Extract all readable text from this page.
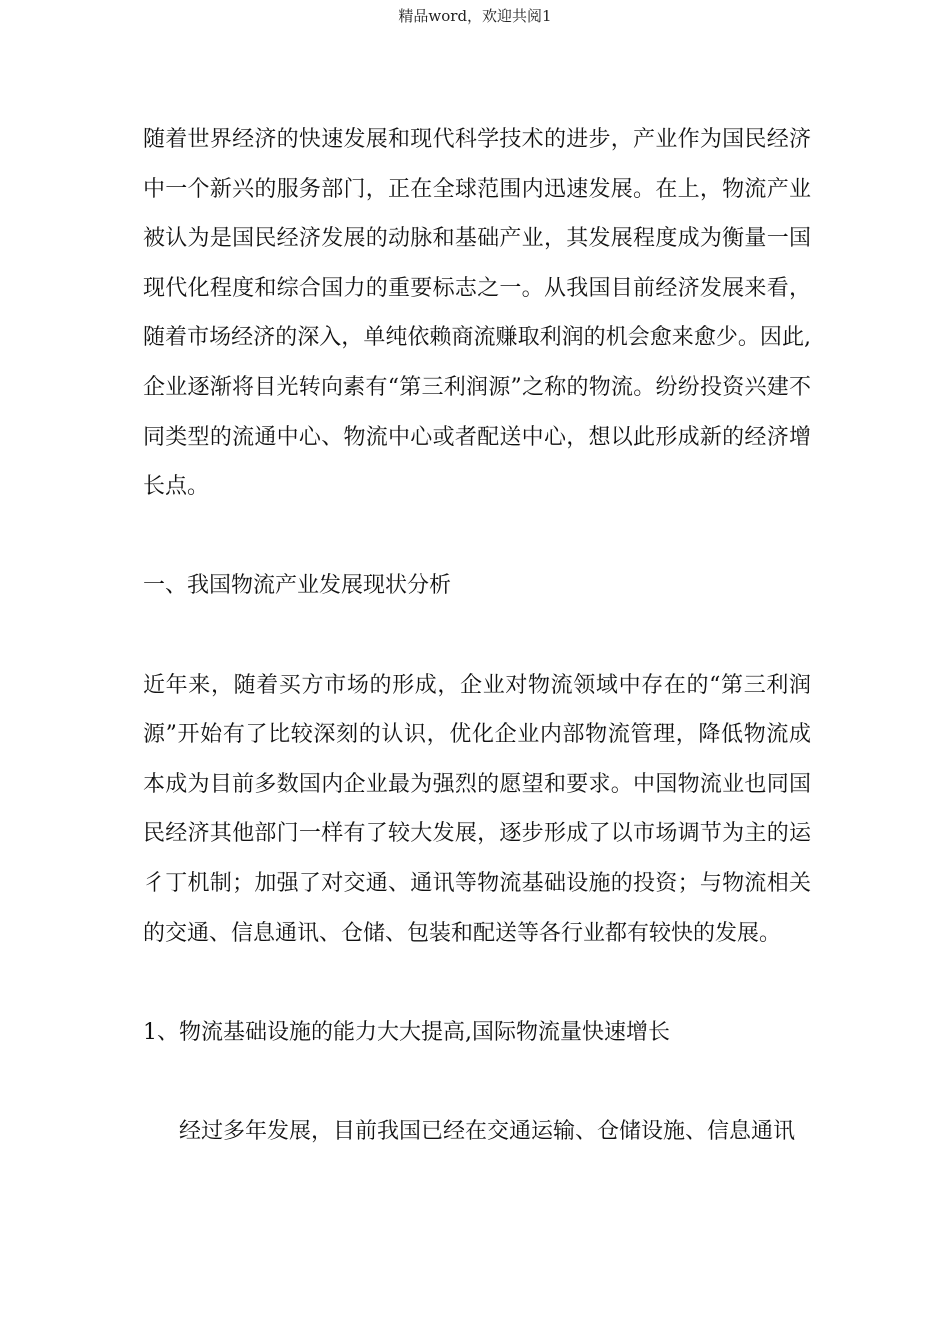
精品word，欢迎共阅1

随着世界经济的快速发展和现代科学技术的进步，产业作为国民经济中一个新兴的服务部门，正在全球范围内迅速发展。在上，物流产业被认为是国民经济发展的动脉和基础产业，其发展程度成为衡量一国现代化程度和综合国力的重要标志之一。从我国目前经济发展来看，随着市场经济的深入，单纯依赖商流赚取利润的机会愈来愈少。因此,企业逐渐将目光转向素有“第三利润源”之称的物流。纷纷投资兴建不同类型的流通中心、物流中心或者配送中心，想以此形成新的经济增长点。

一、我国物流产业发展现状分析

近年来，随着买方市场的形成，企业对物流领域中存在的“第三利润源”开始有了比较深刻的认识，优化企业内部物流管理，降低物流成本成为目前多数国内企业最为强烈的愿望和要求。中国物流业也同国民经济其他部门一样有了较大发展，逐步形成了以市场调节为主的运彳丁机制；加强了对交通、通讯等物流基础设施的投资；与物流相关的交通、信息通讯、仓储、包装和配送等各行业都有较快的发展。

1、物流基础设施的能力大大提高,国际物流量快速增长

经过多年发展，目前我国已经在交通运输、仓储设施、信息通讯
